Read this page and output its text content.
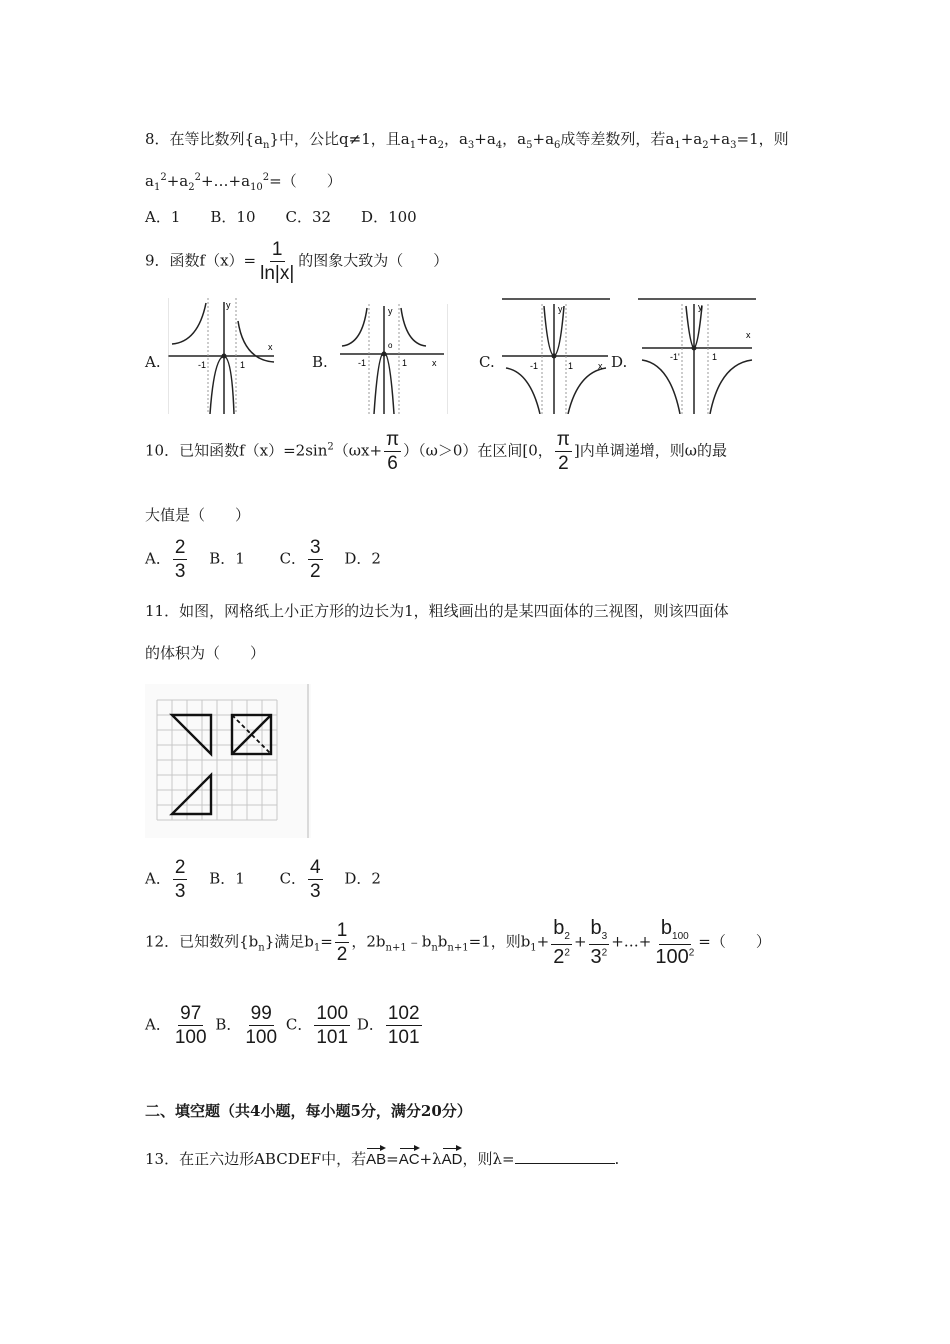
8．在等比数列$\{a_n\}$中，公比q≠1，且$a_1+a_2$，$a_3+a_4$，$a_5+a_6$成等差数列，若$a_1+a_2+a_3=1$，则
$a_1^2+a_2^2+\dots+a_{10}^2=$（　　）
A．1　　B．10　　C．32　　D．100
9．函数$f(x)= \frac{1}{\ln|x|}$ 的图象大致为（　　）
A.	-1	1
x
y
B.	-1	1	x
y
o
C.	-1	1	x
y
D.	-1'	1
x
y
10．已知函数$f(x)=2\sin^2(\omega x+ \frac{\pi}{6} )(\omega>0)$在区间[0， $\frac{\pi}{2}$ ]内单调递增，则ω的最
大值是（　　）
A． $\frac{2}{3}$
　 B．1　　 C． $\frac{3}{2}$
　 D．2
11．如图，网格纸上小正方形的边长为1，粗线画出的是某四面体的三视图，则该四面体
的体积为（　　）
A． $\frac{2}{3}$
　 B．1　　 C． $\frac{4}{3}$
　 D．2
12．已知数列$\{b_n\}$满足$b_1= \frac{1}{2}$ ，$2b_{n+1}﹣b_nb_{n+1}=1$，则$b_1+ \frac{b_2}{2^2} + \frac{b_3}{3^2}$ +…+ $\frac{b_{100}}{100^2}$ =（　　）
A． $\frac{97}{100}$ B． $\frac{99}{100}$ C． $\frac{100}{101}$ D． $\frac{102}{101}$
二、填空题（共4小题，每小题5分，满分20分）
13．在正六边形ABCDEF中，若AB=AC+λAD，则λ=	.
